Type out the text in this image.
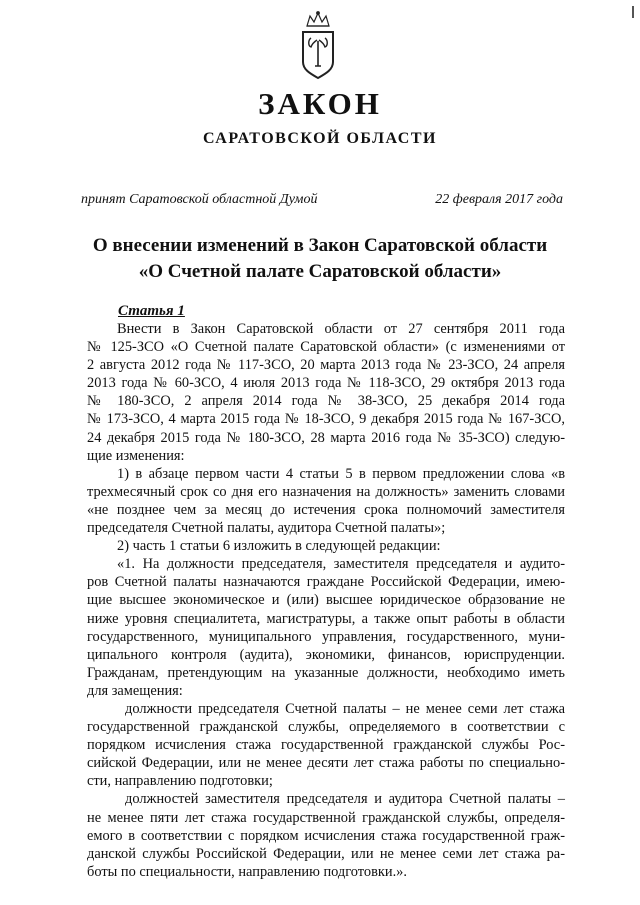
ЗАКОН
САРАТОВСКОЙ ОБЛАСТИ
принят Саратовской областной Думой	22 февраля 2017 года
О внесении изменений в Закон Саратовской области
«О Счетной палате Саратовской области»
Статья 1
Внести в Закон Саратовской области от 27 сентября 2011 года
№ 125-ЗСО «О Счетной палате Саратовской области» (с изменениями от
2 августа 2012 года № 117-ЗСО, 20 марта 2013 года № 23-ЗСО, 24 апреля
2013 года № 60-ЗСО, 4 июля 2013 года № 118-ЗСО, 29 октября 2013 года
№ 180-ЗСО, 2 апреля 2014 года № 38-ЗСО, 25 декабря 2014 года
№ 173-ЗСО, 4 марта 2015 года № 18-ЗСО, 9 декабря 2015 года № 167-ЗСО,
24 декабря 2015 года № 180-ЗСО, 28 марта 2016 года № 35-ЗСО) следую-
щие изменения:
1) в абзаце первом части 4 статьи 5 в первом предложении слова «в
трехмесячный срок со дня его назначения на должность» заменить словами
«не позднее чем за месяц до истечения срока полномочий заместителя
председателя Счетной палаты, аудитора Счетной палаты»;
2) часть 1 статьи 6 изложить в следующей редакции:
«1. На должности председателя, заместителя председателя и аудито-
ров Счетной палаты назначаются граждане Российской Федерации, имею-
щие высшее экономическое и (или) высшее юридическое образование не
ниже уровня специалитета, магистратуры, а также опыт работы в области
государственного, муниципального управления, государственного, муни-
ципального контроля (аудита), экономики, финансов, юриспруденции.
Гражданам, претендующим на указанные должности, необходимо иметь
для замещения:
должности председателя Счетной палаты – не менее семи лет стажа
государственной гражданской службы, определяемого в соответствии с
порядком исчисления стажа государственной гражданской службы Рос-
сийской Федерации, или не менее десяти лет стажа работы по специально-
сти, направлению подготовки;
должностей заместителя председателя и аудитора Счетной палаты –
не менее пяти лет стажа государственной гражданской службы, определя-
емого в соответствии с порядком исчисления стажа государственной граж-
данской службы Российской Федерации, или не менее семи лет стажа ра-
боты по специальности, направлению подготовки.».
